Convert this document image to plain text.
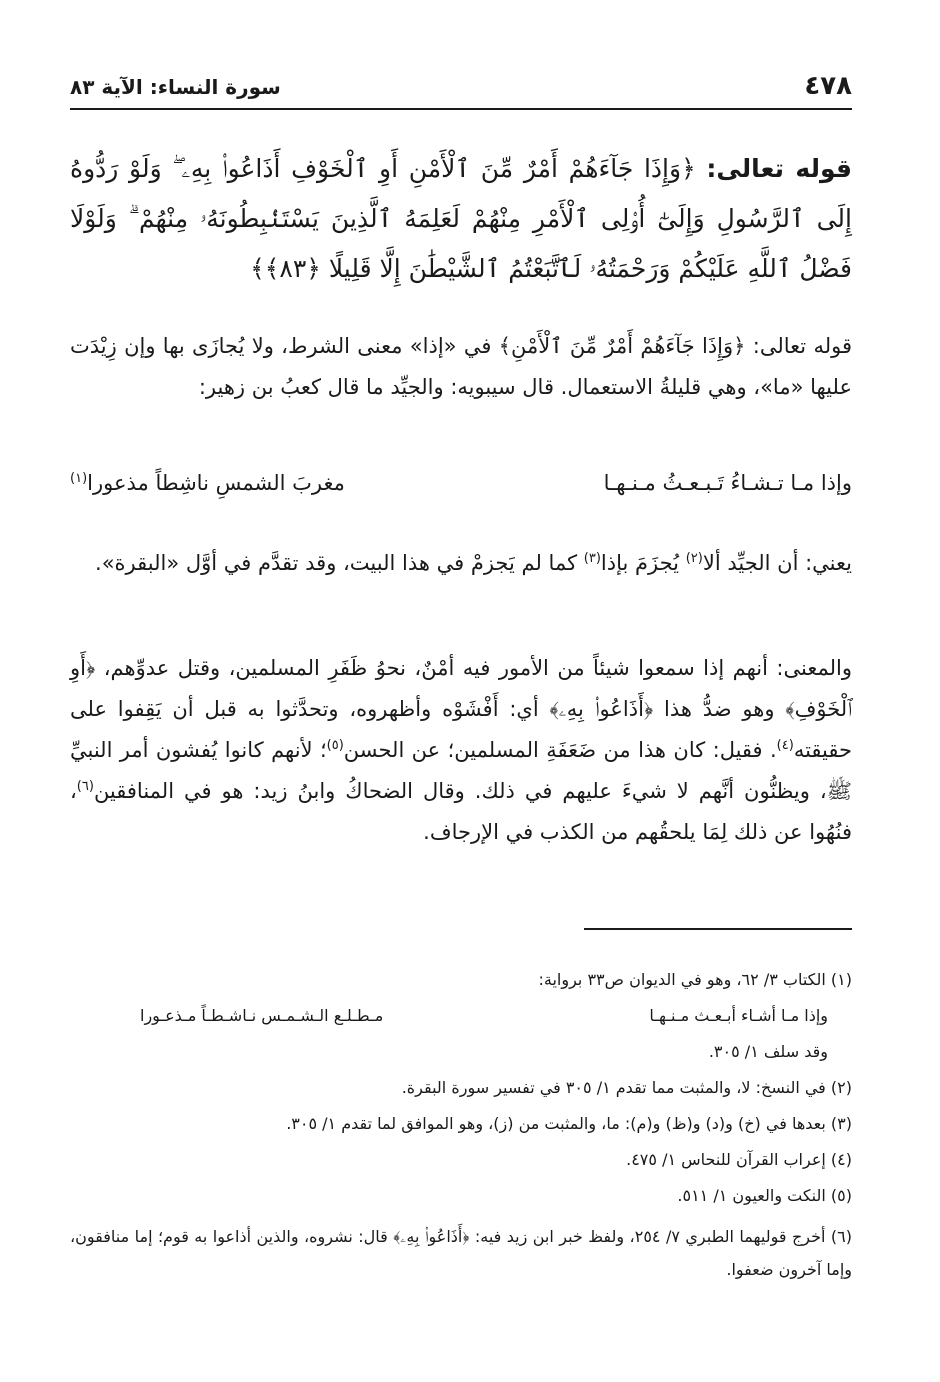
٤٧٨
سورة النساء: الآية ٨٣
قوله تعالى: ﴿وَإِذَا جَآءَهُمْ أَمْرٌ مِّنَ ٱلْأَمْنِ أَوِ ٱلْخَوْفِ أَذَاعُوا۟ بِهِۦ ۖ وَلَوْ رَدُّوهُ إِلَى ٱلرَّسُولِ وَإِلَىٰٓ أُو۟لِى ٱلْأَمْرِ مِنْهُمْ لَعَلِمَهُ ٱلَّذِينَ يَسْتَنۢبِطُونَهُۥ مِنْهُمْ ۗ وَلَوْلَا فَضْلُ ٱللَّهِ عَلَيْكُمْ وَرَحْمَتُهُۥ لَٱتَّبَعْتُمُ ٱلشَّيْطَٰنَ إِلَّا قَلِيلًا ﴿٨٣﴾﴾

قوله تعالى: ﴿وَإِذَا جَآءَهُمْ أَمْرٌ مِّنَ ٱلْأَمْنِ﴾ في «إذا» معنى الشرط، ولا يُجازَى بها وإن زِيْدَت عليها «ما»، وهي قليلةُ الاستعمال. قال سيبويه: والجيِّد ما قال كعبُ بن زهير:

وإذا مـا تـشـاءُ تَـبـعـثُ مـنـهـا
مغربَ الشمسِ ناشِطاً مذعورا$^{(١)}$

يعني: أن الجيِّد ألا$^{(٢)}$ يُجزَمَ بإذا$^{(٣)}$ كما لم يَجزمْ في هذا البيت، وقد تقدَّم في أوَّل «البقرة».

والمعنى: أنهم إذا سمعوا شيئاً من الأمور فيه أمْنٌ، نحوُ ظَفَرِ المسلمين، وقتل عدوِّهم، ﴿أَوِ ٱلْخَوْفِ﴾ وهو ضدُّ هذا ﴿أَذَاعُوا۟ بِهِۦ﴾ أي: أَفْشَوْه وأظهروه، وتحدَّثوا به قبل أن يَقِفوا على حقيقته$^{(٤)}$. فقيل: كان هذا من ضَعَفَةِ المسلمين؛ عن الحسن$^{(٥)}$؛ لأنهم كانوا يُفشون أمر النبيِّ ﷺ، ويظنُّون أنَّهم لا شيءَ عليهم في ذلك. وقال الضحاكُ وابنُ زيد: هو في المنافقين$^{(٦)}$، فنُهُوا عن ذلك لِمَا يلحقُهم من الكذب في الإرجاف.

(١) الكتاب ٣/ ٦٢، وهو في الديوان ص٣٣ برواية:

وإذا مـا أشـاء أبـعـث مـنـهـا
مـطـلـع الـشـمـس نـاشـطـاً مـذعـورا

وقد سلف ١/ ٣٠٥.

(٢) في النسخ: لا، والمثبت مما تقدم ١/ ٣٠٥ في تفسير سورة البقرة.

(٣) بعدها في (خ) و(د) و(ظ) و(م): ما، والمثبت من (ز)، وهو الموافق لما تقدم ١/ ٣٠٥.

(٤) إعراب القرآن للنحاس ١/ ٤٧٥.

(٥) النكت والعيون ١/ ٥١١.

(٦) أخرج قوليهما الطبري ٧/ ٢٥٤، ولفظ خبر ابن زيد فيه: ﴿أَذَاعُوا۟ بِهِۦ﴾ قال: نشروه، والذين أذاعوا به قوم؛ إما منافقون، وإما آخرون ضعفوا.
